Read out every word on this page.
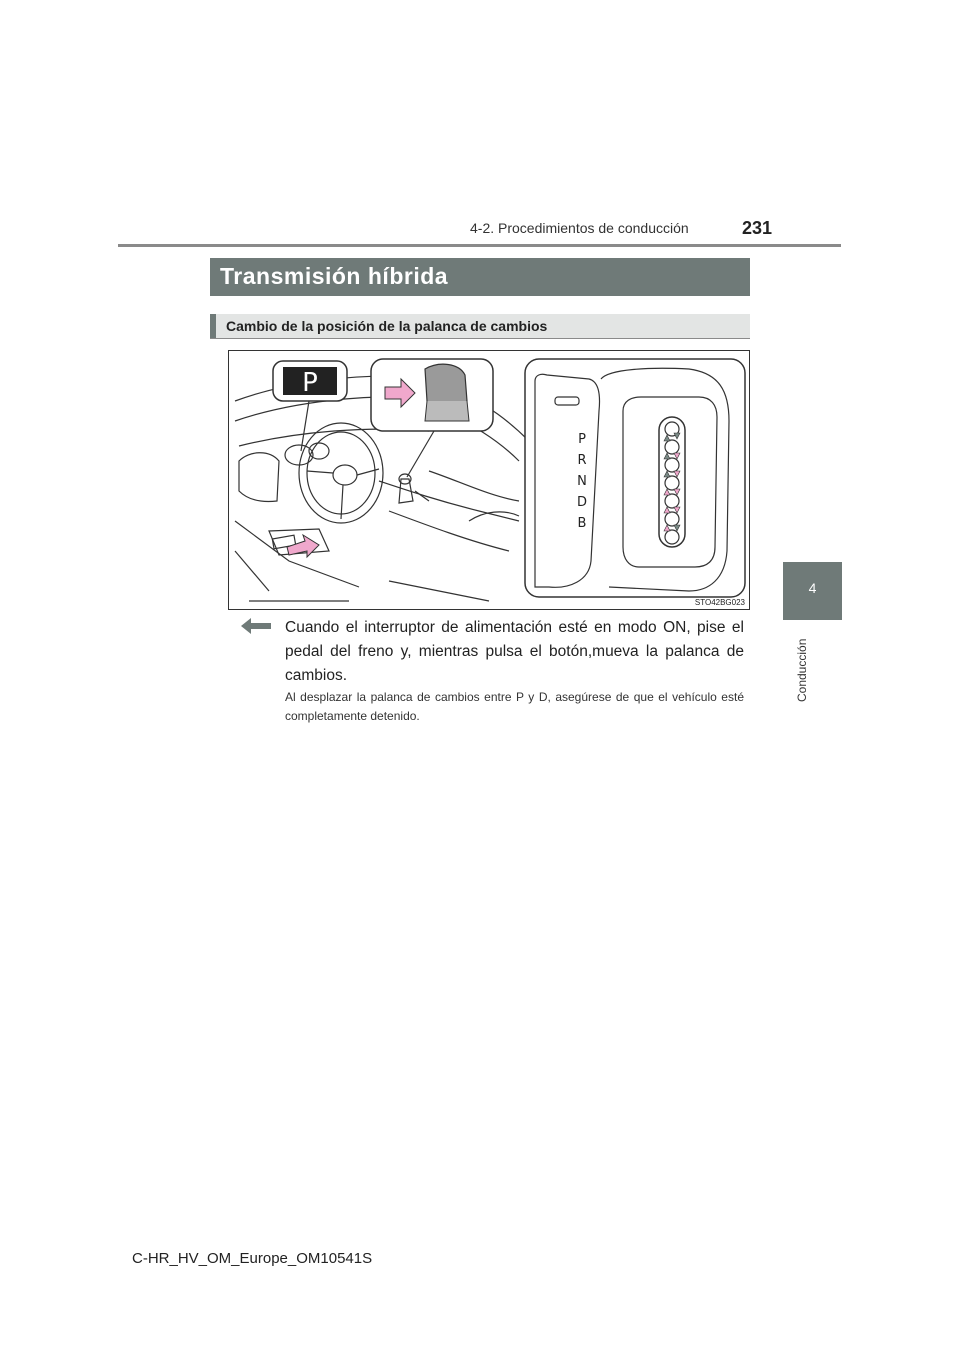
4-2. Procedimientos de conducción	231
4
Conducción
Transmisión híbrida
Cambio de la posición de la palanca de cambios
P
P
R
N
D
B
STO42BG023
Cuando el interruptor de alimentación esté en modo ON, pise el pedal del freno y, mientras pulsa el botón,mueva la palanca de cambios.
Al desplazar la palanca de cambios entre P y D, asegúrese de que el vehículo esté completamente detenido.
C-HR_HV_OM_Europe_OM10541S
